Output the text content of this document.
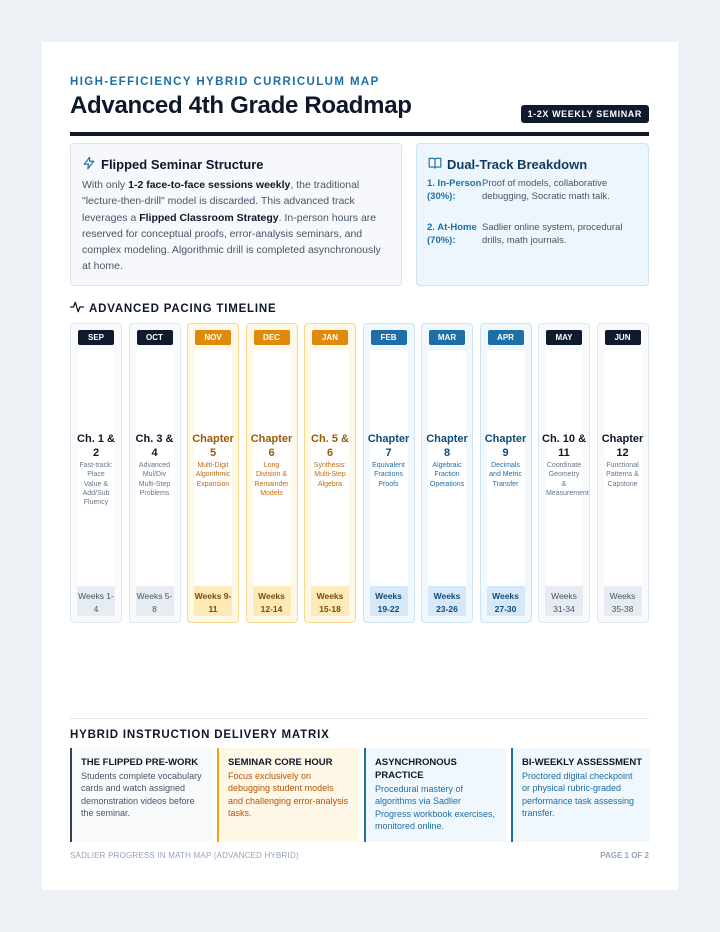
HIGH-EFFICIENCY HYBRID CURRICULUM MAP
Advanced 4th Grade Roadmap	1-2X WEEKLY SEMINAR
Flipped Seminar Structure
With only 1-2 face-to-face sessions weekly, the traditional "lecture-then-drill" model is discarded. This advanced track leverages a Flipped Classroom Strategy. In-person hours are reserved for conceptual proofs, error-analysis seminars, and complex modeling. Algorithmic drill is completed asynchronously at home.
Dual-Track Breakdown
1. In-Person (30%):
Proof of models, collaborative debugging, Socratic math talk.
2. At-Home (70%):
Sadlier online system, procedural drills, math journals.
ADVANCED PACING TIMELINE
SEP
Ch. 1 & 2
Fast-track: Place Value & Add/Sub Fluency
Weeks 1-4
OCT
Ch. 3 & 4
Advanced Mul/Div Multi-Step Problems
Weeks 5-8
NOV
Chapter 5
Multi-Digit Algorithmic Expansion
Weeks 9-11
DEC
Chapter 6
Long Division & Remainder Models
Weeks 12-14
JAN
Ch. 5 & 6
Synthesis: Multi-Step Algebra
Weeks 15-18
FEB
Chapter 7
Equivalent Fractions Proofs
Weeks 19-22
MAR
Chapter 8
Algebraic Fraction Operations
Weeks 23-26
APR
Chapter 9
Decimals and Metric Transfer
Weeks 27-30
MAY
Ch. 10 & 11
Coordinate Geometry & Measurement
Weeks 31-34
JUN
Chapter 12
Functional Patterns & Capstone
Weeks 35-38
HYBRID INSTRUCTION DELIVERY MATRIX
THE FLIPPED PRE-WORK
Students complete vocabulary cards and watch assigned demonstration videos before the seminar.
SEMINAR CORE HOUR
Focus exclusively on debugging student models and challenging error-analysis tasks.
ASYNCHRONOUS PRACTICE
Procedural mastery of algorithms via Sadlier Progress workbook exercises, monitored online.
BI-WEEKLY ASSESSMENT
Proctored digital checkpoint or physical rubric-graded performance task assessing transfer.
SADLIER PROGRESS IN MATH MAP (ADVANCED HYBRID)	PAGE 1 OF 2
